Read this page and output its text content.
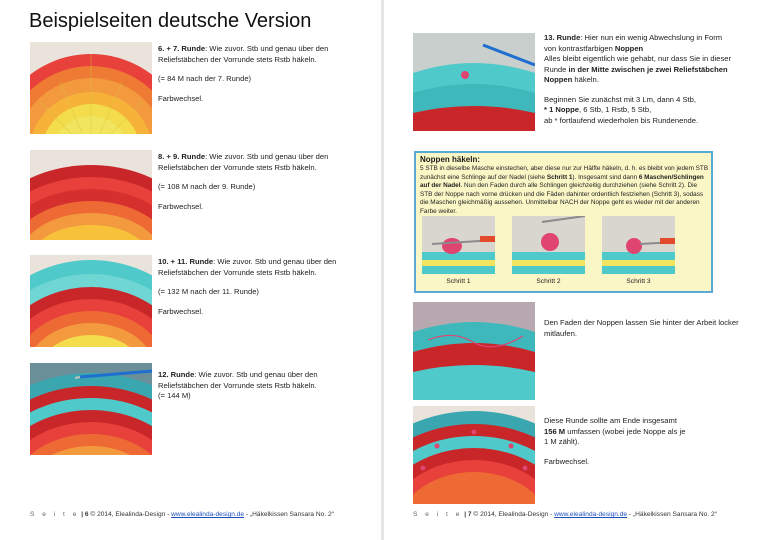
Beispielseiten deutsche Version

6. + 7. Runde: Wie zuvor. Stb und genau über den Reliefstäbchen der Vorrunde stets Rstb häkeln.

(= 84 M nach der 7. Runde)

Farbwechsel.

8. + 9. Runde: Wie zuvor. Stb und genau über den Reliefstäbchen der Vorrunde stets Rstb häkeln.

(= 108 M nach der 9. Runde)

Farbwechsel.

10. + 11. Runde: Wie zuvor. Stb und genau über den Reliefstäbchen der Vorrunde stets Rstb häkeln.

(= 132 M nach der 11. Runde)

Farbwechsel.

12. Runde: Wie zuvor. Stb und genau über den Reliefstäbchen der Vorrunde stets Rstb häkeln.

(= 144 M)

S e i t e | 6 © 2014, Elealinda-Design - www.elealinda-design.de - „Häkelkissen Sansara No. 2“
13. Runde: Hier nun ein wenig Abwechslung in Form
von kontrastfarbigen Noppen
Alles bleibt eigentlich wie gehabt, nur dass Sie in dieser
Runde in der Mitte zwischen je zwei Reliefstäbchen
Noppen häkeln.
Beginnen Sie zunächst mit 3 Lm, dann 4 Stb,
* 1 Noppe, 6 Stb, 1 Rstb, 5 Stb,
ab * fortlaufend wiederholen bis Rundenende.
Noppen häkeln:
5 STB in dieselbe Masche einstechen, aber diese nur zur Hälfte häkeln, d. h. es bleibt von jedem STB zunächst eine Schlinge auf der Nadel (siehe Schritt 1). Insgesamt sind dann 6 Maschen/Schlingen auf der Nadel. Nun den Faden durch alle Schlingen gleichzeitig durchziehen (siehe Schritt 2). Die STB der Noppe nach vorne drücken und die Fäden dahinter ordentlich festziehen (Schritt 3), sodass die Maschen gleichmäßig aussehen. Unmittelbar NACH der Noppe geht es wieder mit der anderen Farbe weiter.
Schritt 1	Schritt 2	Schritt 3
Den Faden der Noppen lassen Sie hinter der Arbeit locker mitlaufen.
Diese Runde sollte am Ende insgesamt
156 M umfassen (wobei jede Noppe als je
1 M zählt).
Farbwechsel.
S e i t e | 7 © 2014, Elealinda-Design - www.elealinda-design.de - „Häkelkissen Sansara No. 2“
